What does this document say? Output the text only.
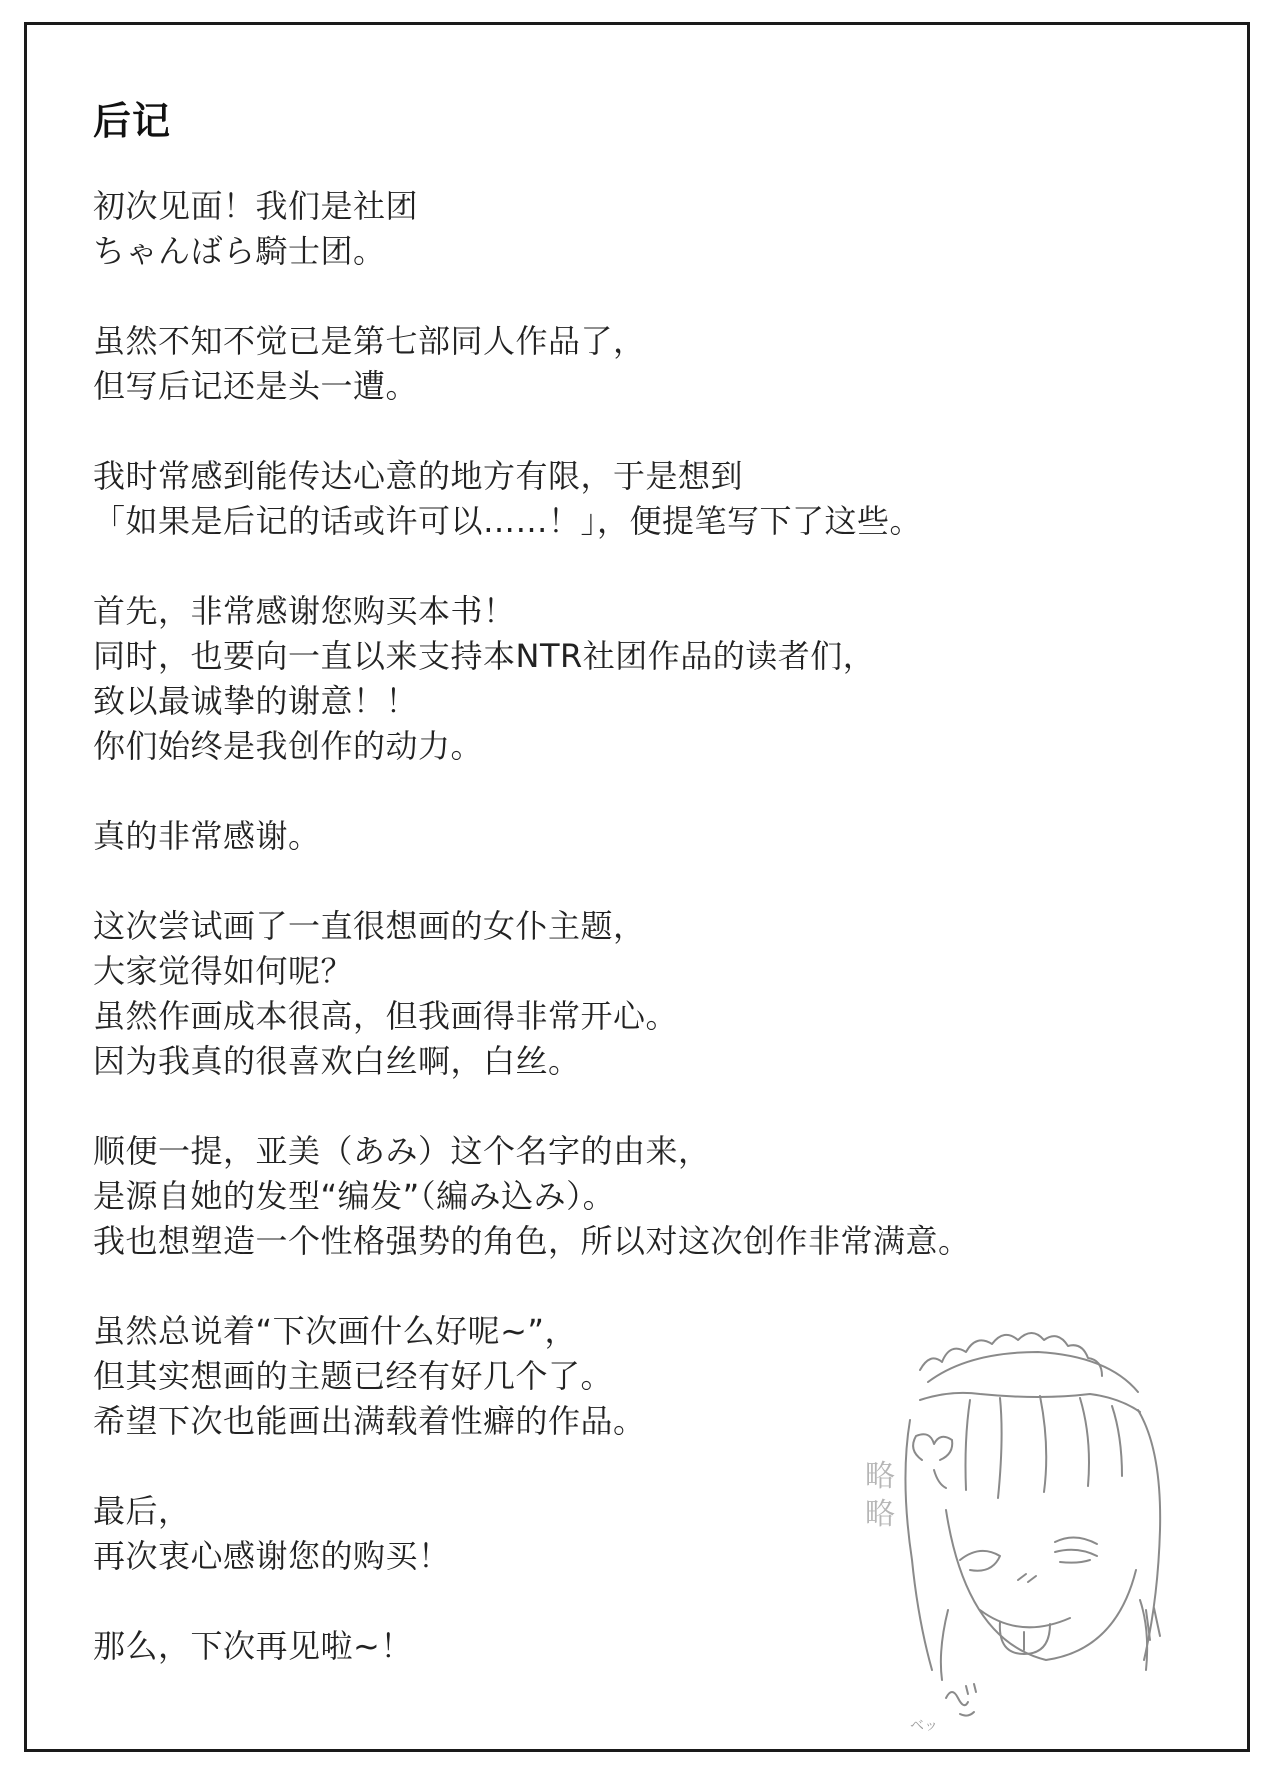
后记
初次见面！我们是社团
ちゃんばら騎士团。
虽然不知不觉已是第七部同人作品了，
但写后记还是头一遭。
我时常感到能传达心意的地方有限，于是想到
「如果是后记的话或许可以……！」，便提笔写下了这些。
首先，非常感谢您购买本书！
同时，也要向一直以来支持本NTR社团作品的读者们，
致以最诚挚的谢意！！
你们始终是我创作的动力。
真的非常感谢。
这次尝试画了一直很想画的女仆主题，
大家觉得如何呢？
虽然作画成本很高，但我画得非常开心。
因为我真的很喜欢白丝啊，白丝。
顺便一提，亚美（あみ）这个名字的由来，
是源自她的发型“编发”（編み込み）。
我也想塑造一个性格强势的角色，所以对这次创作非常满意。
虽然总说着“下次画什么好呢~”，
但其实想画的主题已经有好几个了。
希望下次也能画出满载着性癖的作品。
最后，
再次衷心感谢您的购买！
那么，下次再见啦~！
略
略
ベッ
